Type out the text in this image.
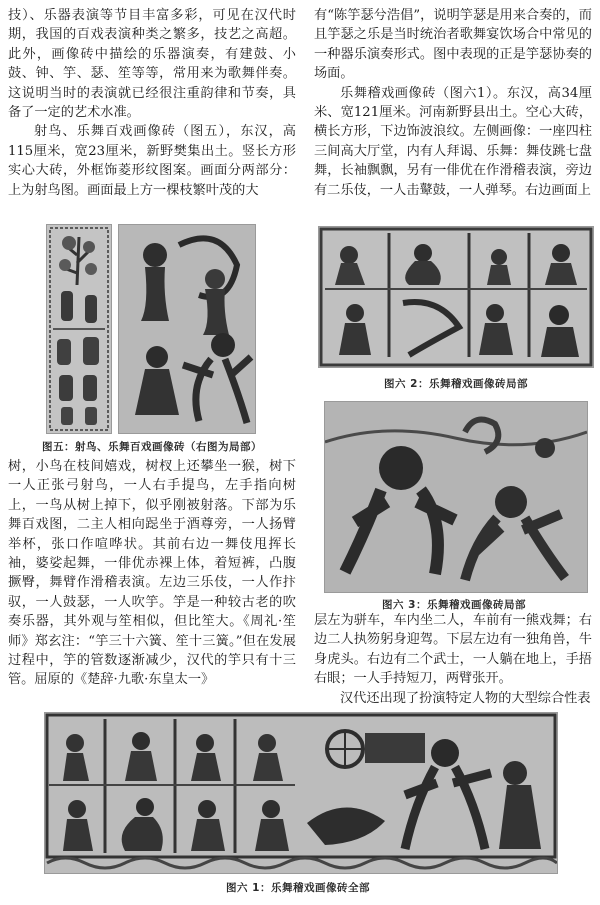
技）、乐器表演等节目丰富多彩，可见在汉代时期，我国的百戏表演种类之繁多，技艺之高超。此外，画像砖中描绘的乐器演奏，有建鼓、小鼓、钟、竽、瑟、笙等等，常用来为歌舞伴奏。这说明当时的表演就已经很注重韵律和节奏，具备了一定的艺术水准。

射鸟、乐舞百戏画像砖（图五），东汉，高115厘米，宽23厘米，新野樊集出土。竖长方形实心大砖，外框饰菱形纹图案。画面分两部分：上为射鸟图。画面最上方一棵枝繁叶茂的大

图五：射鸟、乐舞百戏画像砖（右图为局部）

树，小鸟在枝间嬉戏，树杈上还攀坐一猴，树下一人正张弓射鸟，一人右手提鸟，左手指向树上，一鸟从树上掉下，似乎刚被射落。下部为乐舞百戏图，二主人相向跽坐于酒尊旁，一人扬臂举杯，张口作喧哗状。其前右边一舞伎甩挥长袖，婆娑起舞，一俳优赤裸上体，着短裤，凸腹撅臀，舞臂作滑稽表演。左边三乐伎，一人作抃驭，一人鼓瑟，一人吹竽。竽是一种较古老的吹奏乐器，其外观与笙相似，但比笙大。《周礼·笙师》郑玄注：“竽三十六簧、笙十三簧。”但在发展过程中，竽的管数逐渐减少，汉代的竽只有十三管。屈原的《楚辞·九歌·东皇太一》

有“陈竽瑟兮浩倡”，说明竽瑟是用来合奏的，而且竽瑟之乐是当时统治者歌舞宴饮场合中常见的一种器乐演奏形式。图中表现的正是竽瑟协奏的场面。

乐舞稽戏画像砖（图六1）。东汉，高34厘米、宽121厘米。河南新野县出土。空心大砖，横长方形，下边饰波浪纹。左侧画像：一座四柱三间高大厅堂，内有人拜谒、乐舞：舞伎跳七盘舞，长袖飘飘，另有一俳优在作滑稽表演，旁边有二乐伎，一人击鼙鼓，一人弹琴。右边画面上

图六 2：乐舞稽戏画像砖局部
图六 3：乐舞稽戏画像砖局部

层左为骈车，车内坐二人，车前有一熊戏舞；右边二人执笏躬身迎驾。下层左边有一独角兽，牛身虎头。右边有二个武士，一人躺在地上，手捂右眼；一人手持短刀，两臂张开。

汉代还出现了扮演特定人物的大型综合性表

图六 1：乐舞稽戏画像砖全部
